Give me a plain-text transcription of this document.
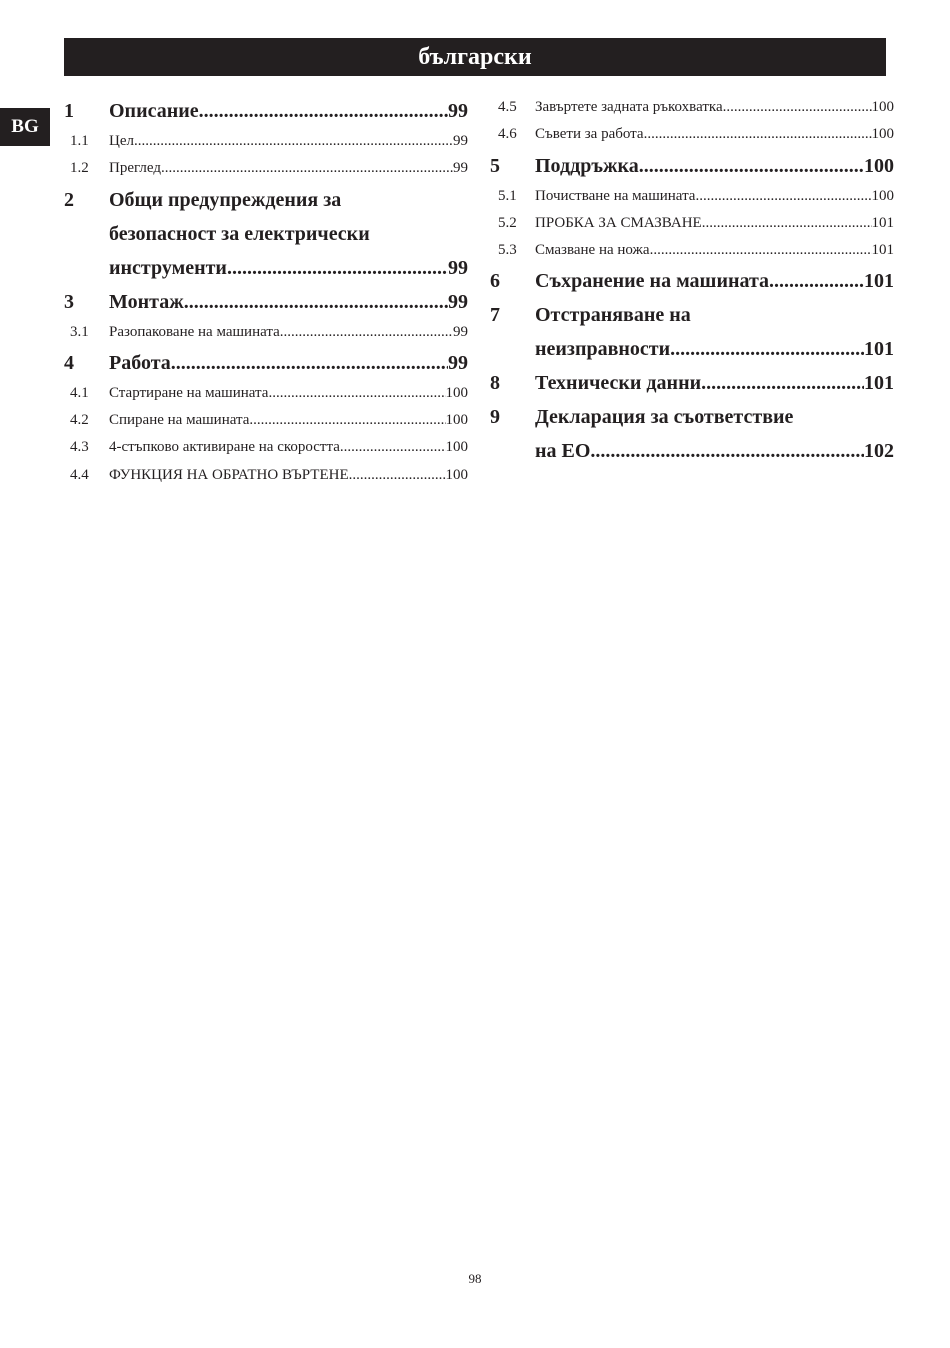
български
BG
1	Описание .....	99
1.1	Цел .....	99
1.2	Преглед .....	99
2	Общи предупреждения за
безопасност за електрически
инструменти .....	99
3	Монтаж .....	99
3.1	Разопаковане на машината .....	99
4	Работа .....	99
4.1	Стартиране на машината .....	100
4.2	Спиране на машината .....	100
4.3	4-стъпково активиране на скоростта .....	100
4.4	ФУНКЦИЯ НА ОБРАТНО ВЪРТЕНЕ .....	100
4.5	Завъртете задната ръкохватка .....	100
4.6	Съвети за работа .....	100
5	Поддръжка .....	100
5.1	Почистване на машината .....	100
5.2	ПРОБКА ЗА СМАЗВАНЕ .....	101
5.3	Смазване на ножа .....	101
6	Съхранение на машината .....	101
7	Отстраняване на
неизправности .....	101
8	Технически данни .....	101
9	Декларация за съответствие
на ЕО .....	102
98
